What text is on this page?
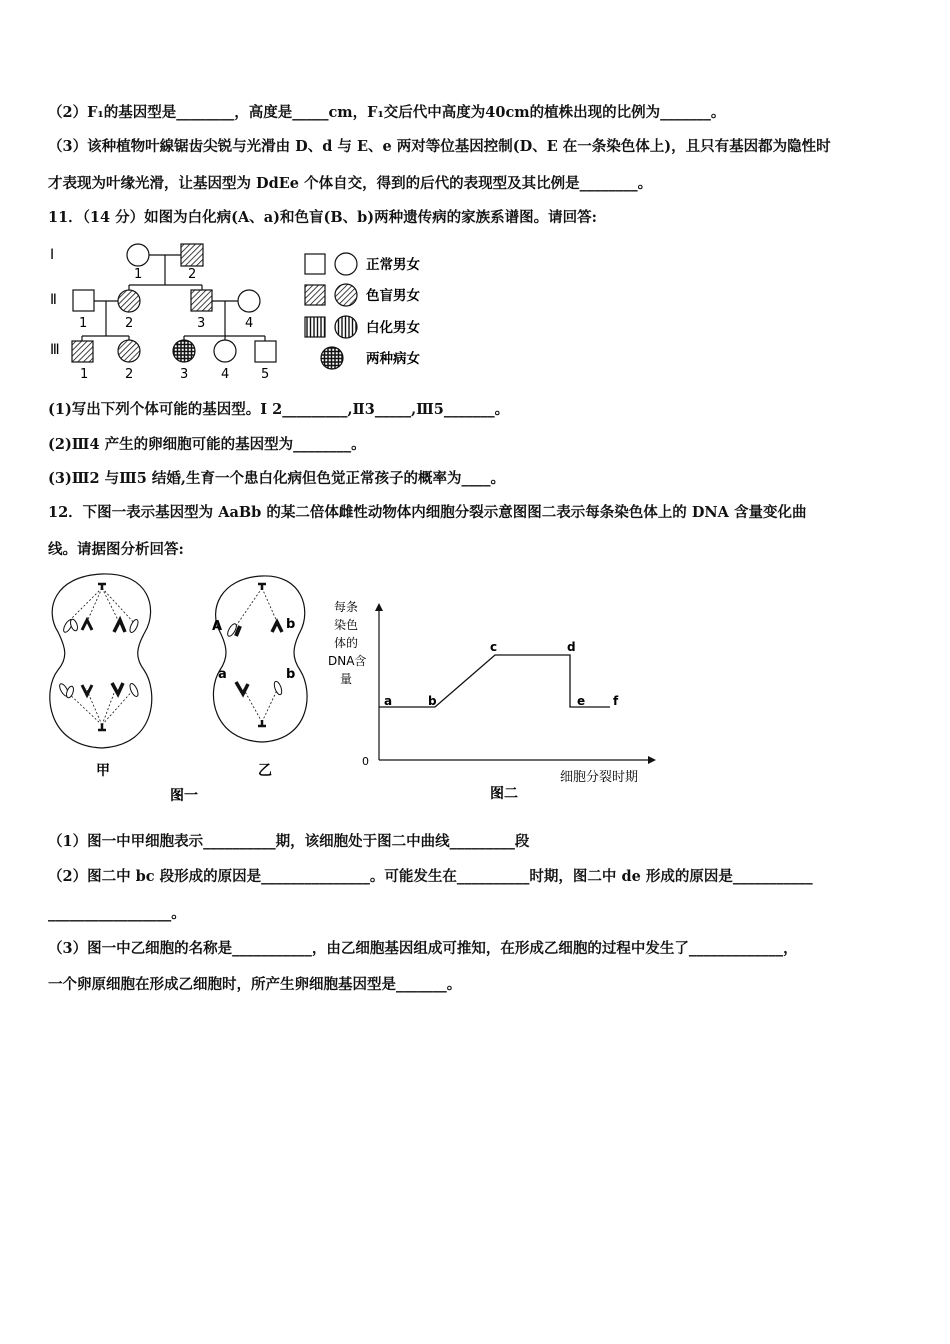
（2）F₁的基因型是________，高度是_____cm，F₁交后代中高度为40cm的植株出现的比例为_______。
（3）该种植物叶線锯齿尖锐与光滑由 D、d 与 E、e 两对等位基因控制(D、E 在一条染色体上)，且只有基因都为隐性时
才表现为叶缘光滑，让基因型为 DdEe 个体自交，得到的后代的表现型及其比例是________。
11．（14 分）如图为白化病(A、a)和色盲(B、b)两种遗传病的家族系谱图。请回答:
Ⅰ
Ⅱ
Ⅲ
1	2
1	2	3	4
1	2	3	4 5
正常男女
色盲男女
白化男女
两种病女
(1)写出下列个体可能的基因型。Ⅰ 2_________,Ⅱ3_____,Ⅲ5_______。
(2)Ⅲ4 产生的卵细胞可能的基因型为________。
(3)Ⅲ2 与Ⅲ5 结婚,生育一个患白化病但色觉正常孩子的概率为____。
12．下图一表示基因型为 AaBb 的某二倍体雌性动物体内细胞分裂示意图图二表示每条染色体上的 DNA 含量变化曲
线。请据图分析回答:
甲
A	b
a	b
乙
图一
每条
染色
体的
DNA含
量
0
细胞分裂时期
a	b
c	d
e f
图二
（1）图一中甲细胞表示__________期，该细胞处于图二中曲线_________段
（2）图二中 bc 段形成的原因是_______________。可能发生在__________时期，图二中 de 形成的原因是___________
_________________。
（3）图一中乙细胞的名称是___________，由乙细胞基因组成可推知，在形成乙细胞的过程中发生了_____________，
一个卵原细胞在形成乙细胞时，所产生卵细胞基因型是_______。
